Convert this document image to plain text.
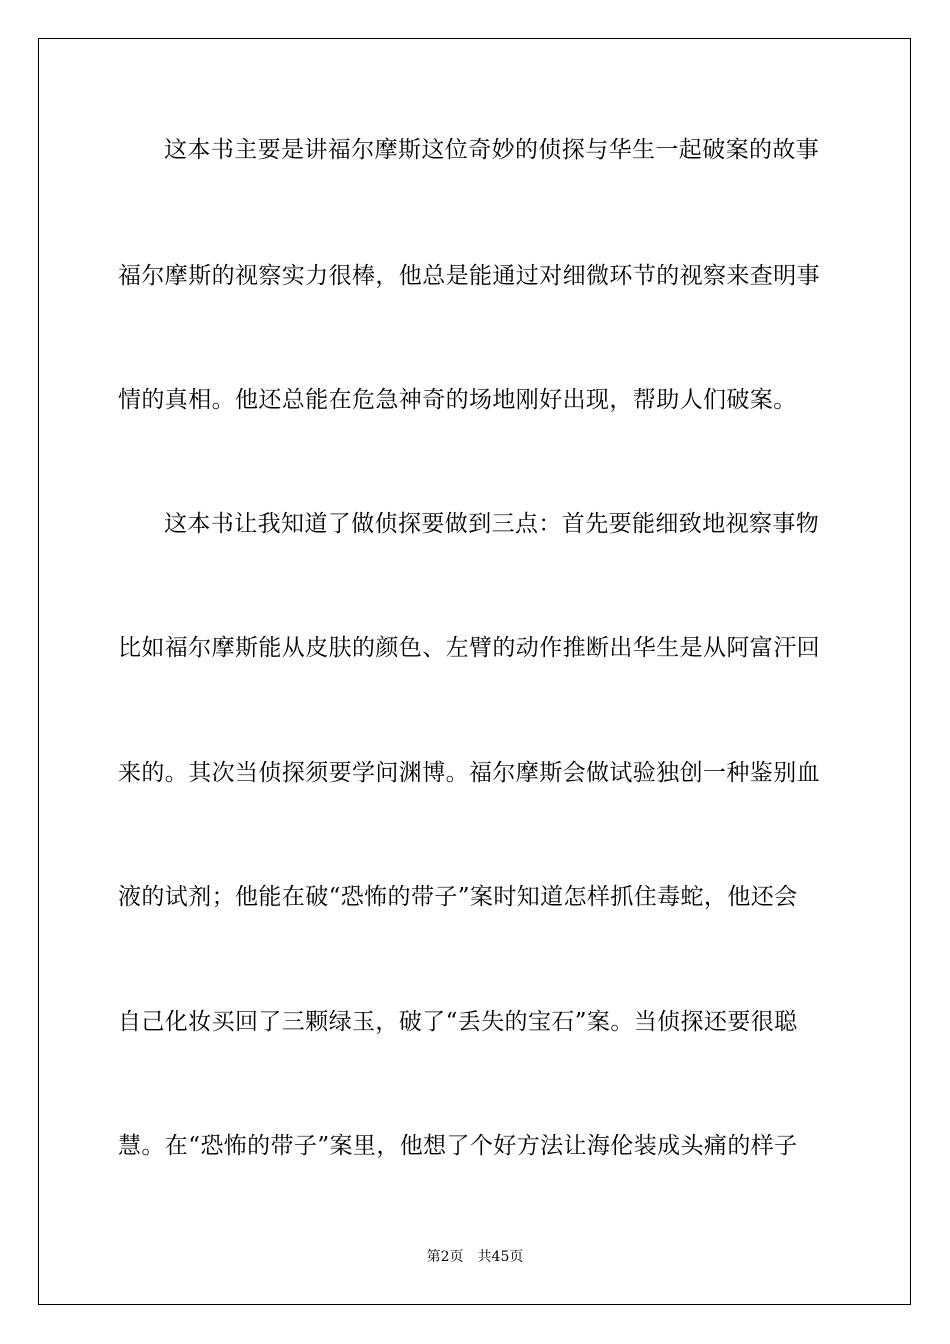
这本书主要是讲福尔摩斯这位奇妙的侦探与华生一起破案的故事
福尔摩斯的视察实力很棒，他总是能通过对细微环节的视察来查明事
情的真相。他还总能在危急神奇的场地刚好出现，帮助人们破案。
这本书让我知道了做侦探要做到三点：首先要能细致地视察事物
比如福尔摩斯能从皮肤的颜色、左臂的动作推断出华生是从阿富汗回
来的。其次当侦探须要学问渊博。福尔摩斯会做试验独创一种鉴别血
液的试剂；他能在破“恐怖的带子”案时知道怎样抓住毒蛇，他还会
自己化妆买回了三颗绿玉，破了“丢失的宝石”案。当侦探还要很聪
慧。在“恐怖的带子”案里，他想了个好方法让海伦装成头痛的样子
第2页 共45页
